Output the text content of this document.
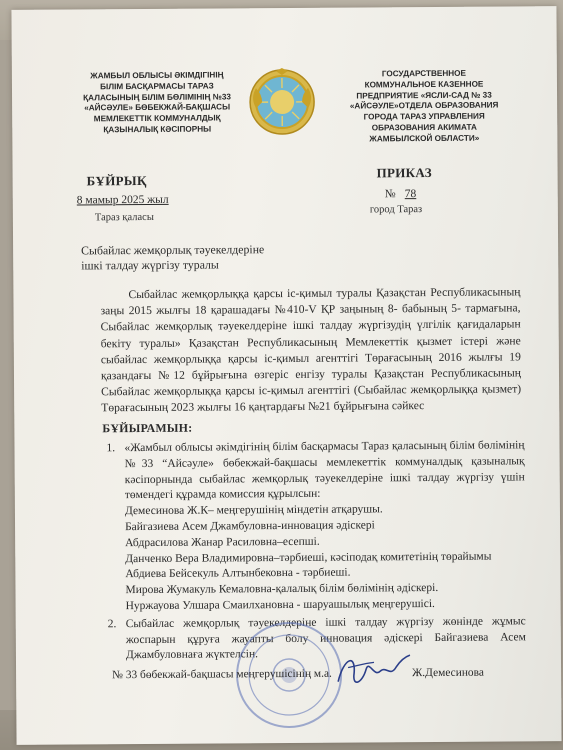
ЖАМБЫЛ ОБЛЫСЫ ӘКІМДІГІНІҢ
БІЛІМ БАСҚАРМАСЫ ТАРАЗ
ҚАЛАСЫНЫҢ БІЛІМ БӨЛІМІНІҢ №33
«АЙСӘУЛЕ» БӨБЕКЖАЙ-БАҚШАСЫ
МЕМЛЕКЕТТІК КОММУНАЛДЫҚ
ҚАЗЫНАЛЫҚ КӘСІПОРНЫ
ГОСУДАРСТВЕННОЕ
КОММУНАЛЬНОЕ КАЗЕННОЕ
ПРЕДПРИЯТИЕ «ЯСЛИ-САД № 33
«АЙСӘУЛЕ»ОТДЕЛА ОБРАЗОВАНИЯ
ГОРОДА ТАРАЗ УПРАВЛЕНИЯ
ОБРАЗОВАНИЯ АКИМАТА
ЖАМБЫЛСКОЙ ОБЛАСТИ»
БҰЙРЫҚ
ПРИКАЗ
8 мамыр 2025 жыл	№ 78
Тараз қаласы
город Тараз
Сыбайлас жемқорлық тәуекелдеріне
ішкі талдау жүргізу туралы
Сыбайлас жемқорлыққа қарсы іс-қимыл туралы Қазақстан Республикасының заңы 2015 жылғы 18 қарашадағы №410-V ҚР заңының 8- бабының 5- тармағына, Сыбайлас жемқорлық тәуекелдеріне ішкі талдау жүргізудің үлгілік қағидаларын бекіту туралы» Қазақстан Республикасының Мемлекеттік қызмет істері және сыбайлас жемқорлыққа қарсы іс-қимыл агенттігі Төрағасының 2016 жылғы 19 қазандағы №12 бұйрығына өзгеріс енгізу туралы Қазақстан Республикасының Сыбайлас жемқорлыққа қарсы іс-қимыл агенттігі (Сыбайлас жемқорлыққа қызмет) Төрағасының 2023 жылғы 16 қаңтардағы №21 бұйрығына сәйкес
БҰЙЫРАМЫН:
1. «Жамбыл облысы әкімдігінің білім басқармасы Тараз қаласының білім бөлімінің №33 “Айсәуле» бөбекжай-бақшасы мемлекеттік коммуналдық қазыналық кәсіпорнында сыбайлас жемқорлық тәуекелдеріне ішкі талдау жүргізу үшін төмендегі құрамда комиссия құрылсын:
Демесинова Ж.К– меңгерушінің міндетін атқарушы.
Байгазиева Асем Джамбуловна-инновация әдіскері
Абдрасилова Жанар Расиловна–есепші.
Данченко Вера Владимировна–тәрбиеші, кәсіподақ комитетінің төрайымы
Абдиева Бейсекуль Алтынбековна - тәрбиеші.
Мирова Жумакуль Кемаловна-қалалық білім бөлімінің әдіскері.
Нуржауова Улшара Смаилхановна - шаруашылық меңгерушісі.
2. Сыбайлас жемқорлық тәуекелдеріне ішкі талдау жүргізу жөнінде жұмыс жоспарын құруға жауапты болу инновация әдіскері Байгазиева Асем Джамбуловнаға жүктелсін.
№ 33 бөбекжай-бақшасы меңгерушісінің м.а.	Ж.Демесинова
